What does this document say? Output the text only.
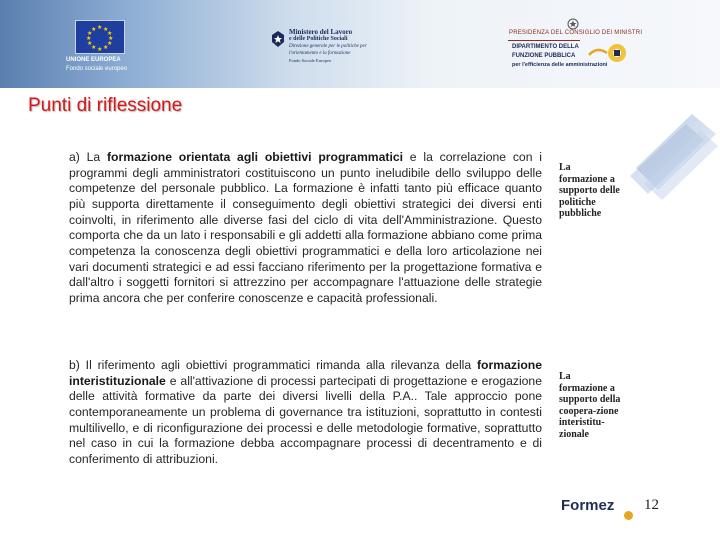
★ ★
★
★
★
★
★
★
★
★
★
★
UNIONE EUROPEA
Fondo sociale europeo
Ministero del Lavoro
e delle Politiche Sociali
Direzione generale per le politiche per l'orientamento e la formazione
Fondo Sociale Europeo
PRESIDENZA DEL CONSIGLIO DEI MINISTRI
DIPARTIMENTO DELLA
FUNZIONE PUBBLICA
per l'efficienza delle amministrazioni
Punti di riflessione

a) La formazione orientata agli obiettivi programmatici e la correlazione con i programmi degli amministratori costituiscono un punto ineludibile dello sviluppo delle competenze del personale pubblico. La formazione è infatti tanto più efficace quanto più supporta direttamente il conseguimento degli obiettivi strategici dei diversi enti coinvolti, in riferimento alle diverse fasi del ciclo di vita dell'Amministrazione. Questo comporta che da un lato i responsabili e gli addetti alla formazione abbiano come prima competenza la conoscenza degli obiettivi programmatici e della loro articolazione nei vari documenti strategici e ad essi facciano riferimento per la progettazione formativa e dall'altro i soggetti fornitori si attrezzino per accompagnare l'attuazione delle strategie prima ancora che per conferire conoscenze e capacità professionali.

b) Il riferimento agli obiettivi programmatici rimanda alla rilevanza della formazione interistituzionale e all'attivazione di processi partecipati di progettazione e erogazione delle attività formative da parte dei diversi livelli della P.A.. Tale approccio pone contemporaneamente un problema di governance tra istituzioni, soprattutto in contesti multilivello, e di riconfigurazione dei processi e delle metodologie formative, soprattutto nel caso in cui la formazione debba accompagnare processi di decentramento e di conferimento di attribuzioni.

La formazione a supporto delle politiche pubbliche

La formazione a supporto della coopera-zione interistitu-zionale

Formez 12
